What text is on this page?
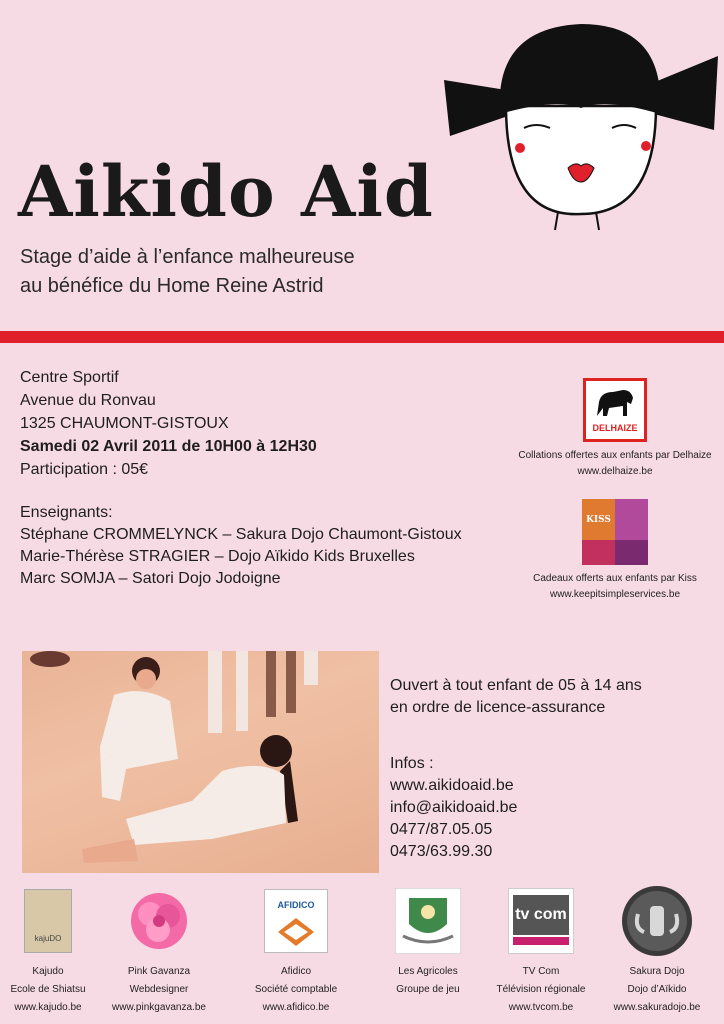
Aikido Aid
Stage d’aide à l’enfance malheureuse
au bénéfice du Home Reine Astrid
Centre Sportif
Avenue du Ronvau
1325 CHAUMONT-GISTOUX
Samedi 02 Avril 2011 de 10H00 à 12H30
Participation : 05€
Enseignants:
Stéphane CROMMELYNCK – Sakura Dojo Chaumont-Gistoux
Marie-Thérèse STRAGIER – Dojo Aïkido Kids Bruxelles
Marc SOMJA – Satori Dojo Jodoigne
DELHAIZE
Collations offertes aux enfants par Delhaize
www.delhaize.be
KISS
Cadeaux offerts aux enfants par Kiss
www.keepitsimpleservices.be
Ouvert à tout enfant de 05 à 14 ans
en ordre de licence-assurance
Infos :
www.aikidoaid.be
info@aikidoaid.be
0477/87.05.05
0473/63.99.30
kajuDO
Kajudo
Ecole de Shiatsu
www.kajudo.be
Pink Gavanza
Webdesigner
www.pinkgavanza.be
AFIDICO
Afidico
Société comptable
www.afidico.be
Les Agricoles
Groupe de jeu
tv com
TV Com
Télévision régionale
www.tvcom.be
Sakura Dojo
Dojo d’Aïkido
www.sakuradojo.be
